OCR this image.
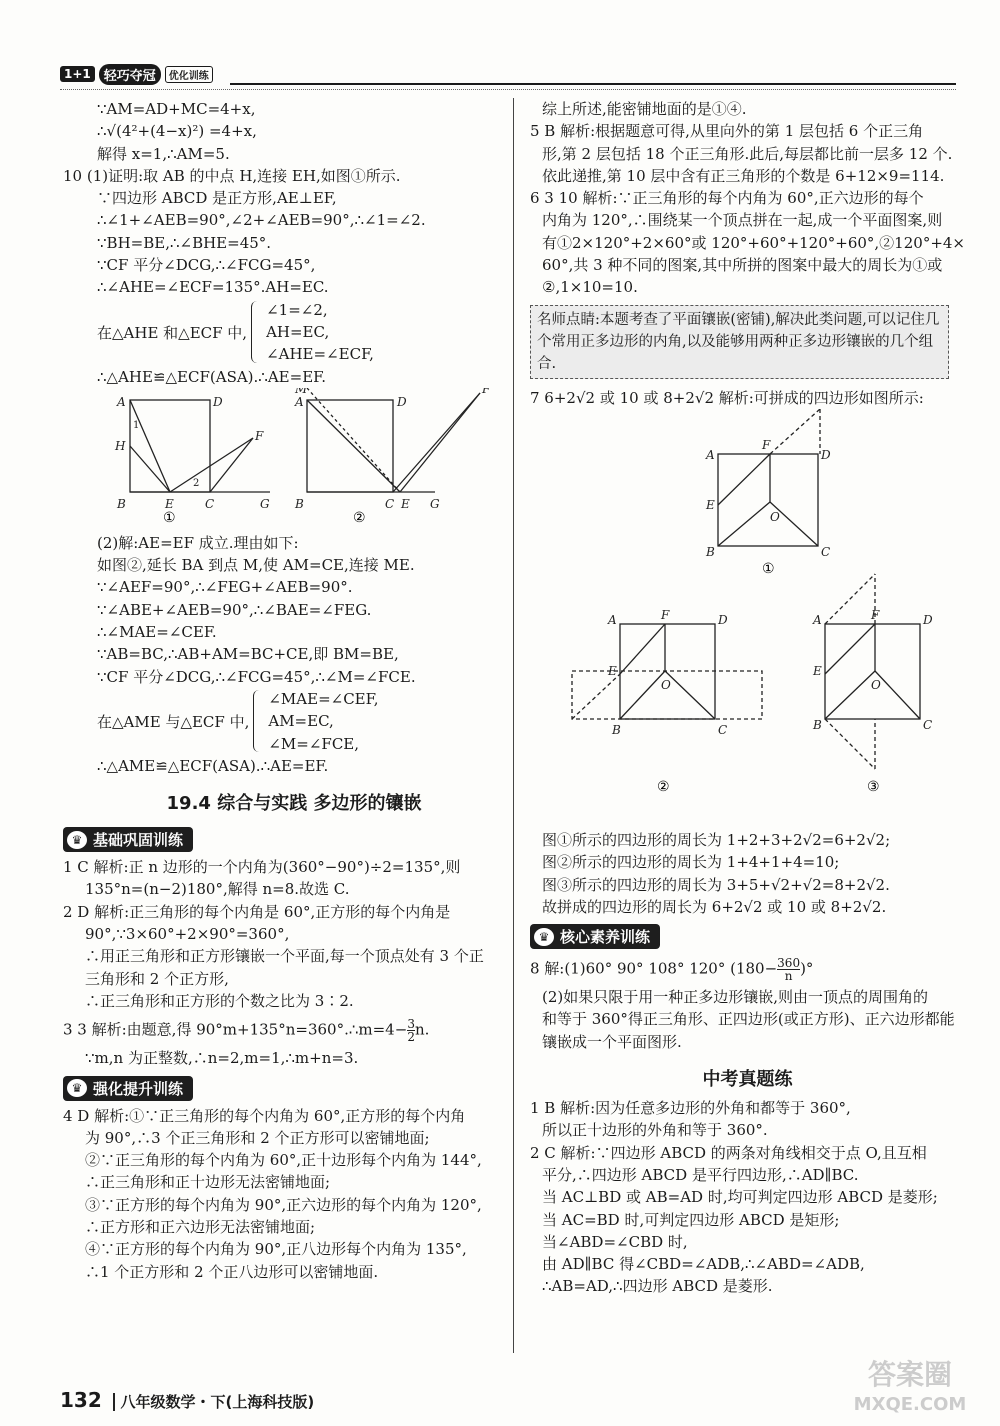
1+1	轻巧夺冠	优化训练
∵AM=AD+MC=4+x,
∴√(4²+(4−x)²) =4+x,
解得 x=1,∴AM=5.
10 (1)证明:取 AB 的中点 H,连接 EH,如图①所示.
∵四边形 ABCD 是正方形,AE⊥EF,
∴∠1+∠AEB=90°,∠2+∠AEB=90°,∴∠1=∠2.
∵BH=BE,∴∠BHE=45°.
∵CF 平分∠DCG,∴∠FCG=45°,
∴∠AHE=∠ECF=135°.AH=EC.
在△AHE 和△ECF 中,
∠1=∠2,
AH=EC,
∠AHE=∠ECF,
∴△AHE≌△ECF(ASA).∴AE=EF.
A	D
H
1
B	E	C	G
F
2
A	D
M
B	C E G
F
①	②
(2)解:AE=EF 成立.理由如下:
如图②,延长 BA 到点 M,使 AM=CE,连接 ME.
∵∠AEF=90°,∴∠FEG+∠AEB=90°.
∵∠ABE+∠AEB=90°,∴∠BAE=∠FEG.
∴∠MAE=∠CEF.
∵AB=BC,∴AB+AM=BC+CE,即 BM=BE,
∵CF 平分∠DCG,∴∠FCG=45°,∴∠M=∠FCE.
在△AME 与△ECF 中,
∠MAE=∠CEF,
AM=EC,
∠M=∠FCE,
∴△AME≌△ECF(ASA).∴AE=EF.
19.4 综合与实践 多边形的镶嵌
♛ 基础巩固训练
1 C 解析:正 n 边形的一个内角为(360°−90°)÷2=135°,则
135°n=(n−2)180°,解得 n=8.故选 C.
2 D 解析:正三角形的每个内角是 60°,正方形的每个内角是
90°,∵3×60°+2×90°=360°,
∴用正三角形和正方形镶嵌一个平面,每一个顶点处有 3 个正
三角形和 2 个正方形,
∴正三角形和正方形的个数之比为 3∶2.
3 3 解析:由题意,得 90°m+135°n=360°.∴m=4− $\frac{3}{2} n$.
∵m,n 为正整数,∴n=2,m=1,∴m+n=3.
♛ 强化提升训练
4 D 解析:①∵正三角形的每个内角为 60°,正方形的每个内角
为 90°,∴3 个正三角形和 2 个正方形可以密铺地面;
②∵正三角形的每个内角为 60°,正十边形每个内角为 144°,
∴正三角形和正十边形无法密铺地面;
③∵正方形的每个内角为 90°,正六边形的每个内角为 120°,
∴正方形和正六边形无法密铺地面;
④∵正方形的每个内角为 90°,正八边形每个内角为 135°,
∴1 个正方形和 2 个正八边形可以密铺地面.
综上所述,能密铺地面的是①④.
5 B 解析:根据题意可得,从里向外的第 1 层包括 6 个正三角
形,第 2 层包括 18 个正三角形.此后,每层都比前一层多 12 个.
依此递推,第 10 层中含有正三角形的个数是 6+12×9=114.
6 3 10 解析:∵正三角形的每个内角为 60°,正六边形的每个
内角为 120°,∴围绕某一个顶点拼在一起,成一个平面图案,则
有①2×120°+2×60°或 120°+60°+120°+60°,②120°+4×
60°,共 3 种不同的图案,其中所拼的图案中最大的周长为①或
②,1×10=10.
名师点睛:本题考查了平面镶嵌(密铺),解决此类问题,可以记住几个常用正多边形的内角,以及能够用两种正多边形镶嵌的几个组合.
7 6+2√2 或 10 或 8+2√2 解析:可拼成的四边形如图所示:
A
F
D
E
O
B	C
A	F	D
E
O
B	C
A	F	D
E
O
B	C
①
②	③
图①所示的四边形的周长为 1+2+3+2√2=6+2√2;
图②所示的四边形的周长为 1+4+1+4=10;
图③所示的四边形的周长为 3+5+√2+√2=8+2√2.
故拼成的四边形的周长为 6+2√2 或 10 或 8+2√2.
♛ 核心素养训练
8 解:(1)60° 90° 108° 120° ($180- \frac{360}{n}$ )°
(2)如果只限于用一种正多边形镶嵌,则由一顶点的周围角的
和等于 360°得正三角形、正四边形(或正方形)、正六边形都能
镶嵌成一个平面图形.
中考真题练
1 B 解析:因为任意多边形的外角和都等于 360°,
所以正十边形的外角和等于 360°.
2 C 解析:∵四边形 ABCD 的两条对角线相交于点 O,且互相
平分,∴四边形 ABCD 是平行四边形,∴AD∥BC.
当 AC⊥BD 或 AB=AD 时,均可判定四边形 ABCD 是菱形;
当 AC=BD 时,可判定四边形 ABCD 是矩形;
当∠ABD=∠CBD 时,
由 AD∥BC 得∠CBD=∠ADB,∴∠ABD=∠ADB,
∴AB=AD,∴四边形 ABCD 是菱形.
132 八年级数学・下(上海科技版)
答案圈
MXQE.COM
